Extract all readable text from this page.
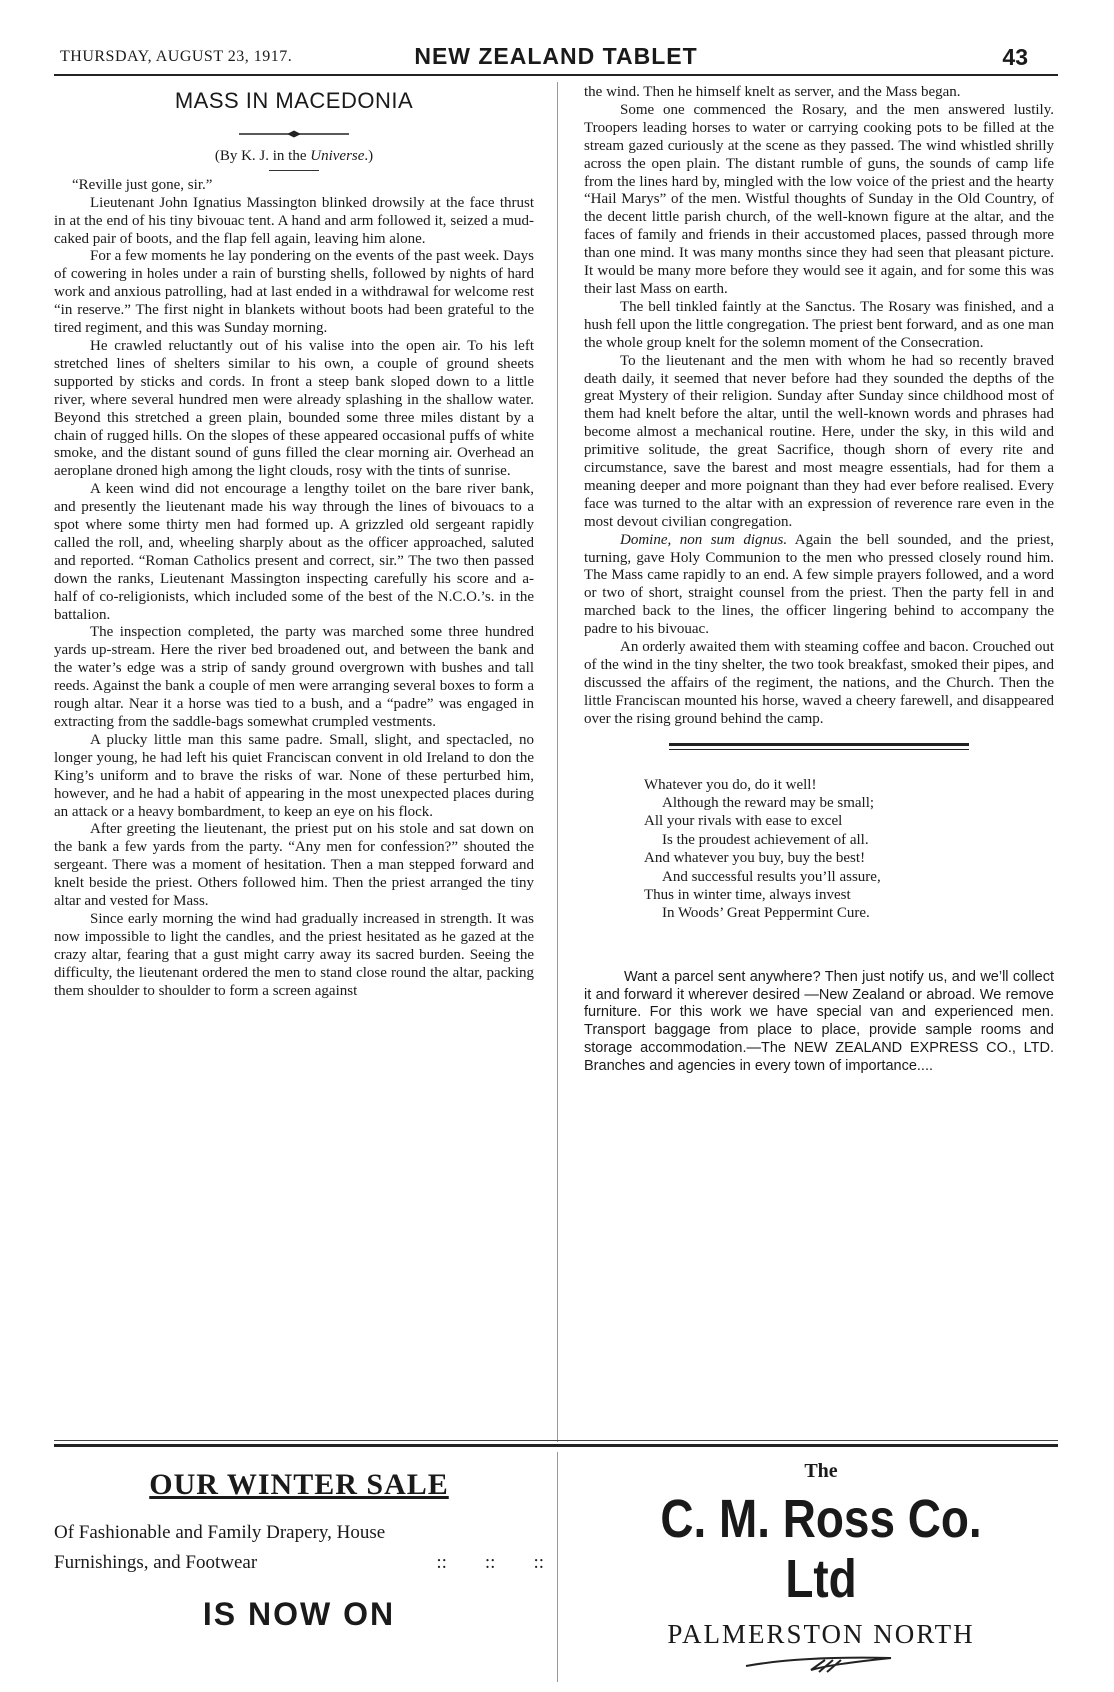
THURSDAY, AUGUST 23, 1917.	NEW ZEALAND TABLET	43
MASS IN MACEDONIA
(By K. J. in the Universe.)

“Reville just gone, sir.”

Lieutenant John Ignatius Massington blinked drowsily at the face thrust in at the end of his tiny bivouac tent. A hand and arm followed it, seized a mud-caked pair of boots, and the flap fell again, leaving him alone.

For a few moments he lay pondering on the events of the past week. Days of cowering in holes under a rain of bursting shells, followed by nights of hard work and anxious patrolling, had at last ended in a withdrawal for welcome rest “in reserve.” The first night in blankets without boots had been grateful to the tired regiment, and this was Sunday morning.

He crawled reluctantly out of his valise into the open air. To his left stretched lines of shelters similar to his own, a couple of ground sheets supported by sticks and cords. In front a steep bank sloped down to a little river, where several hundred men were already splashing in the shallow water. Beyond this stretched a green plain, bounded some three miles distant by a chain of rugged hills. On the slopes of these appeared occasional puffs of white smoke, and the distant sound of guns filled the clear morning air. Overhead an aeroplane droned high among the light clouds, rosy with the tints of sunrise.

A keen wind did not encourage a lengthy toilet on the bare river bank, and presently the lieutenant made his way through the lines of bivouacs to a spot where some thirty men had formed up. A grizzled old sergeant rapidly called the roll, and, wheeling sharply about as the officer approached, saluted and reported. “Roman Catholics present and correct, sir.” The two then passed down the ranks, Lieutenant Massington inspecting carefully his score and a-half of co-religionists, which included some of the best of the N.C.O.’s. in the battalion.

The inspection completed, the party was marched some three hundred yards up-stream. Here the river bed broadened out, and between the bank and the water’s edge was a strip of sandy ground overgrown with bushes and tall reeds. Against the bank a couple of men were arranging several boxes to form a rough altar. Near it a horse was tied to a bush, and a “padre” was engaged in extracting from the saddle-bags somewhat crumpled vestments.

A plucky little man this same padre. Small, slight, and spectacled, no longer young, he had left his quiet Franciscan convent in old Ireland to don the King’s uniform and to brave the risks of war. None of these perturbed him, however, and he had a habit of appearing in the most unexpected places during an attack or a heavy bombardment, to keep an eye on his flock.

After greeting the lieutenant, the priest put on his stole and sat down on the bank a few yards from the party. “Any men for confession?” shouted the sergeant. There was a moment of hesitation. Then a man stepped forward and knelt beside the priest. Others followed him. Then the priest arranged the tiny altar and vested for Mass.

Since early morning the wind had gradually increased in strength. It was now impossible to light the candles, and the priest hesitated as he gazed at the crazy altar, fearing that a gust might carry away its sacred burden. Seeing the difficulty, the lieutenant ordered the men to stand close round the altar, packing them shoulder to shoulder to form a screen against

the wind. Then he himself knelt as server, and the Mass began.

Some one commenced the Rosary, and the men answered lustily. Troopers leading horses to water or carrying cooking pots to be filled at the stream gazed curiously at the scene as they passed. The wind whistled shrilly across the open plain. The distant rumble of guns, the sounds of camp life from the lines hard by, mingled with the low voice of the priest and the hearty “Hail Marys” of the men. Wistful thoughts of Sunday in the Old Country, of the decent little parish church, of the well-known figure at the altar, and the faces of family and friends in their accustomed places, passed through more than one mind. It was many months since they had seen that pleasant picture. It would be many more before they would see it again, and for some this was their last Mass on earth.

The bell tinkled faintly at the Sanctus. The Rosary was finished, and a hush fell upon the little congregation. The priest bent forward, and as one man the whole group knelt for the solemn moment of the Consecration.

To the lieutenant and the men with whom he had so recently braved death daily, it seemed that never before had they sounded the depths of the great Mystery of their religion. Sunday after Sunday since childhood most of them had knelt before the altar, until the well-known words and phrases had become almost a mechanical routine. Here, under the sky, in this wild and primitive solitude, the great Sacrifice, though shorn of every rite and circumstance, save the barest and most meagre essentials, had for them a meaning deeper and more poignant than they had ever before realised. Every face was turned to the altar with an expression of reverence rare even in the most devout civilian congregation.

Domine, non sum dignus. Again the bell sounded, and the priest, turning, gave Holy Communion to the men who pressed closely round him. The Mass came rapidly to an end. A few simple prayers followed, and a word or two of short, straight counsel from the priest. Then the party fell in and marched back to the lines, the officer lingering behind to accompany the padre to his bivouac.

An orderly awaited them with steaming coffee and bacon. Crouched out of the wind in the tiny shelter, the two took breakfast, smoked their pipes, and discussed the affairs of the regiment, the nations, and the Church. Then the little Franciscan mounted his horse, waved a cheery farewell, and disappeared over the rising ground behind the camp.

Whatever you do, do it well!
Although the reward may be small;
All your rivals with ease to excel
Is the proudest achievement of all.
And whatever you buy, buy the best!
And successful results you’ll assure,
Thus in winter time, always invest
In Woods’ Great Peppermint Cure.
Want a parcel sent anywhere? Then just notify us, and we’ll collect it and forward it wherever desired —New Zealand or abroad. We remove furniture. For this work we have special van and experienced men. Transport baggage from place to place, provide sample rooms and storage accommodation.—The NEW ZEALAND EXPRESS CO., LTD. Branches and agencies in every town of importance....
OUR WINTER SALE
Of Fashionable and Family Drapery, House
Furnishings, and Footwear	:: :: ::
IS NOW ON
The
C. M. Ross Co. Ltd
PALMERSTON NORTH
